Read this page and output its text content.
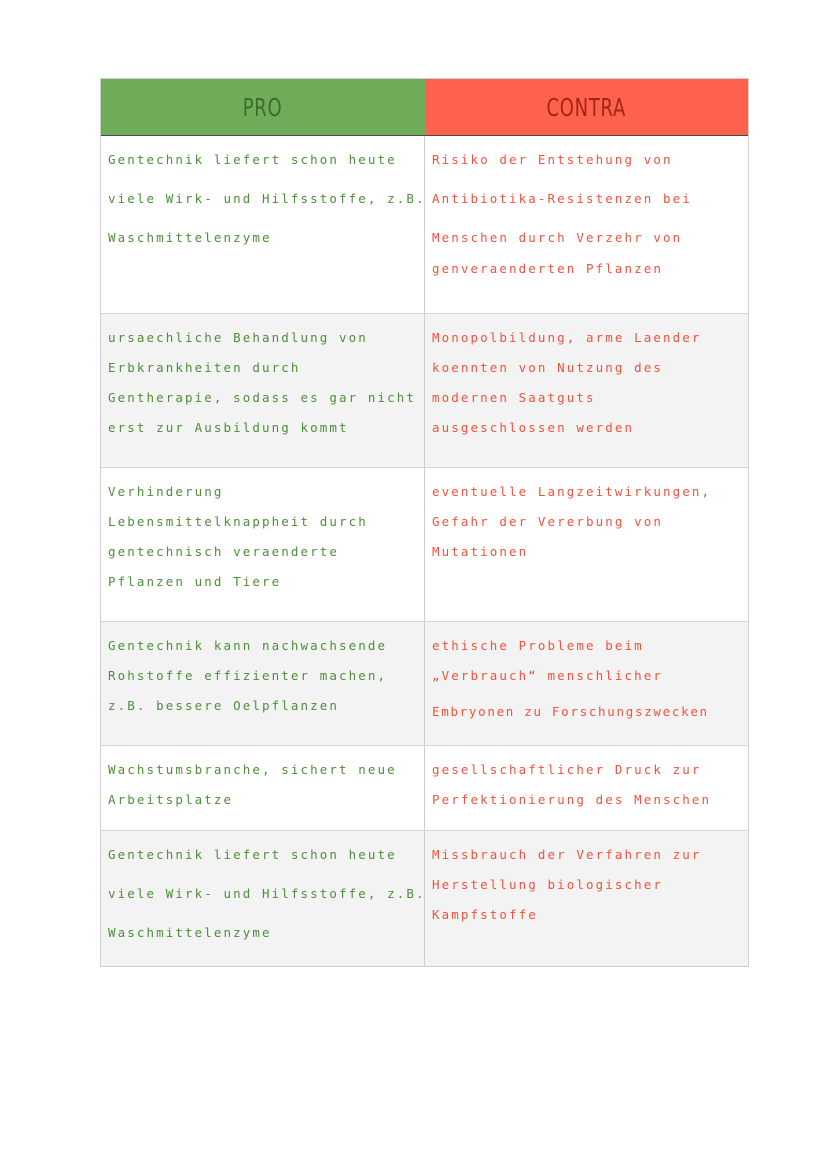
PRO	CONTRA
Gentechnik liefert schon heute
viele Wirk- und Hilfsstoffe, z.B.
Waschmittelenzyme
Risiko der Entstehung von
Antibiotika-Resistenzen bei
Menschen durch Verzehr von
genveraenderten Pflanzen
ursaechliche Behandlung von
Erbkrankheiten durch
Gentherapie, sodass es gar nicht
erst zur Ausbildung kommt
Monopolbildung, arme Laender
koennten von Nutzung des
modernen Saatguts
ausgeschlossen werden
Verhinderung
Lebensmittelknappheit durch
gentechnisch veraenderte
Pflanzen und Tiere
eventuelle Langzeitwirkungen,
Gefahr der Vererbung von
Mutationen
Gentechnik kann nachwachsende
Rohstoffe effizienter machen,
z.B. bessere Oelpflanzen
ethische Probleme beim
„Verbrauch“ menschlicher
Embryonen zu Forschungszwecken
Wachstumsbranche, sichert neue
Arbeitsplatze
gesellschaftlicher Druck zur
Perfektionierung des Menschen
Gentechnik liefert schon heute
viele Wirk- und Hilfsstoffe, z.B.
Waschmittelenzyme
Missbrauch der Verfahren zur
Herstellung biologischer
Kampfstoffe
